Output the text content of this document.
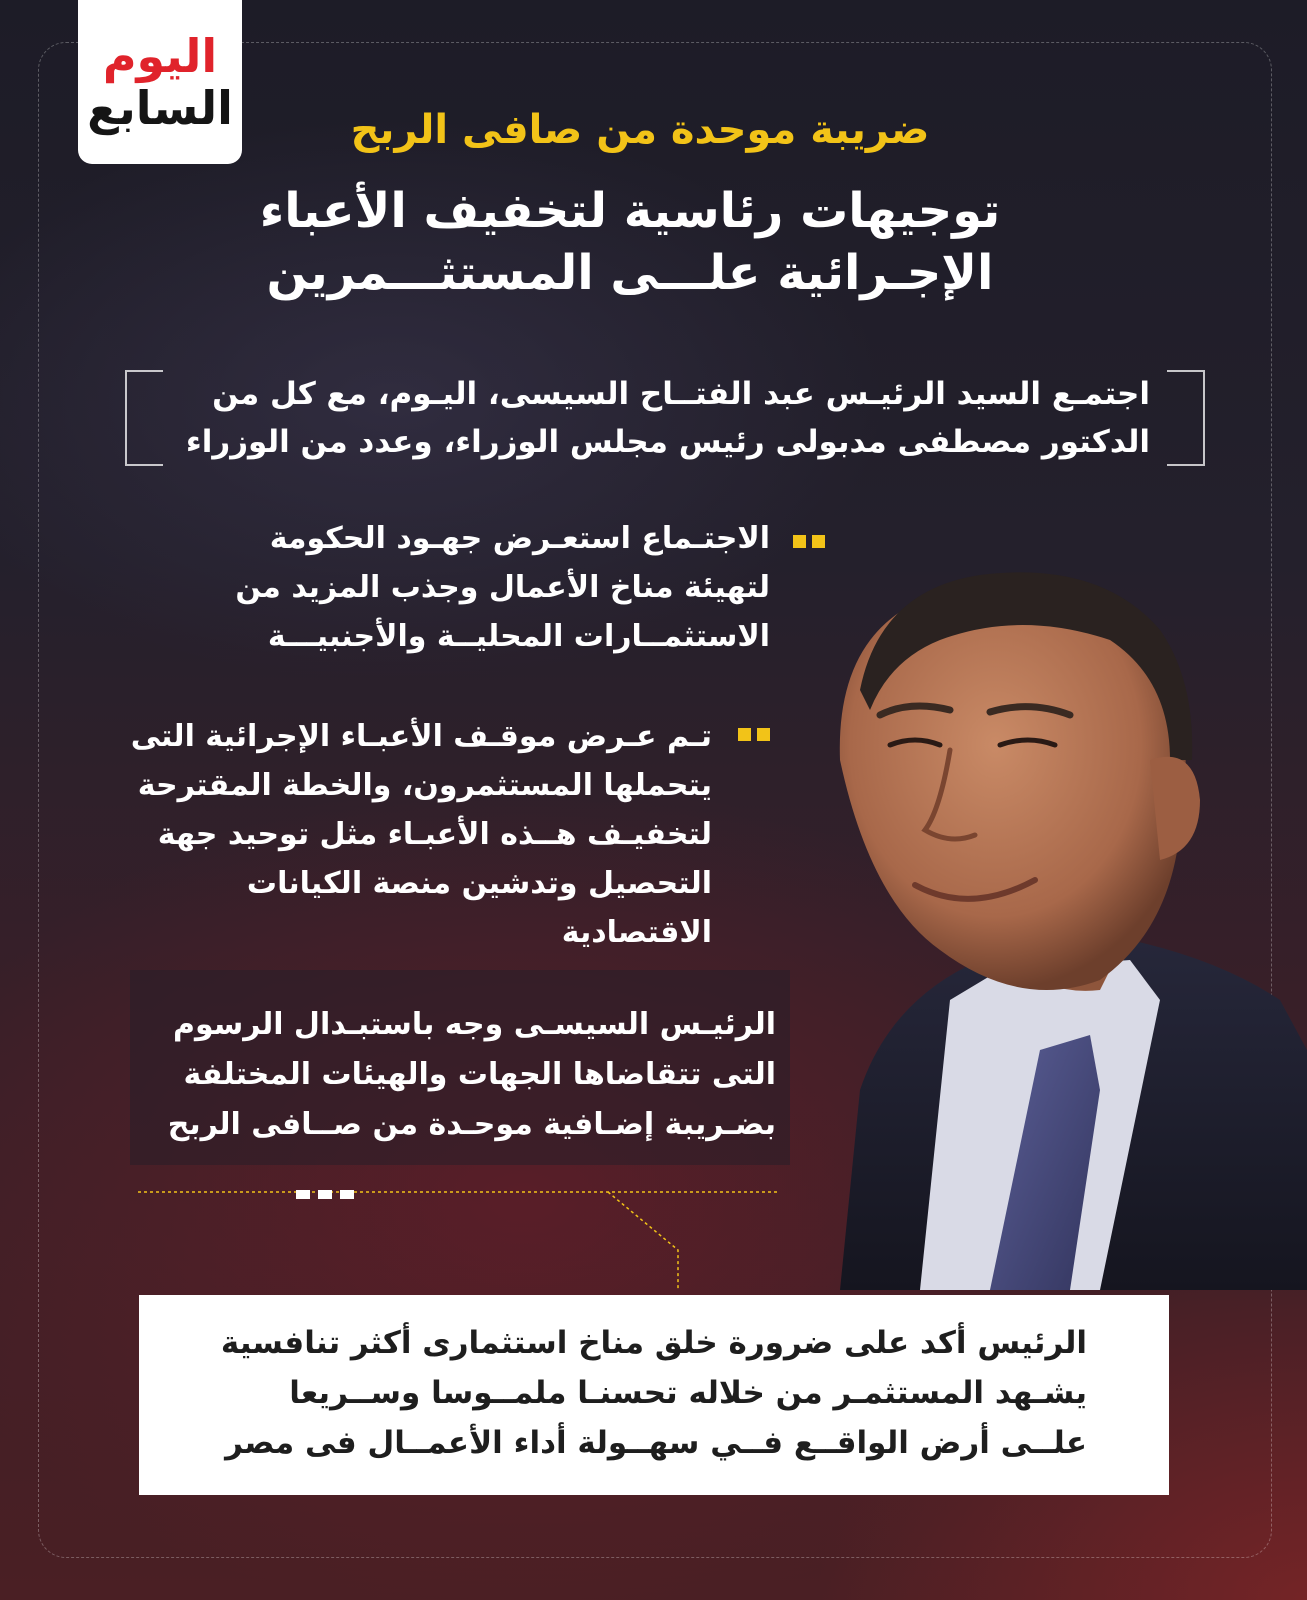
اليوم
السابع	ضريبة موحدة من صافى الربح
توجيهات رئاسية لتخفيف الأعباء
الإجـرائية علـــى المستثـــمرين
اجتمـع السيد الرئيـس عبد الفتــاح السيسى، اليـوم، مع كل من
الدكتور مصطفى مدبولى رئيس مجلس الوزراء، وعدد من الوزراء
الاجتـماع استعـرض جهـود الحكومة
لتهيئة مناخ الأعمال وجذب المزيد من
الاستثمــارات المحليــة والأجنبيـــة
تـم عـرض موقـف الأعبـاء الإجرائية التى
يتحملها المستثمرون، والخطة المقترحة
لتخفيـف هــذه الأعبـاء مثل توحيد جهة
التحصيل وتدشين منصة الكيانات الاقتصادية
الرئيـس السيسـى وجه باستبـدال الرسوم
التى تتقاضاها الجهات والهيئات المختلفة
بضـريبة إضـافية موحـدة من صــافى الربح
الرئيس أكد على ضرورة خلق مناخ استثمارى أكثر تنافسية
يشـهد المستثمـر من خلاله تحسنـا ملمــوسا وســريعا
علــى أرض الواقــع فــي سهــولة أداء الأعمــال فى مصر
